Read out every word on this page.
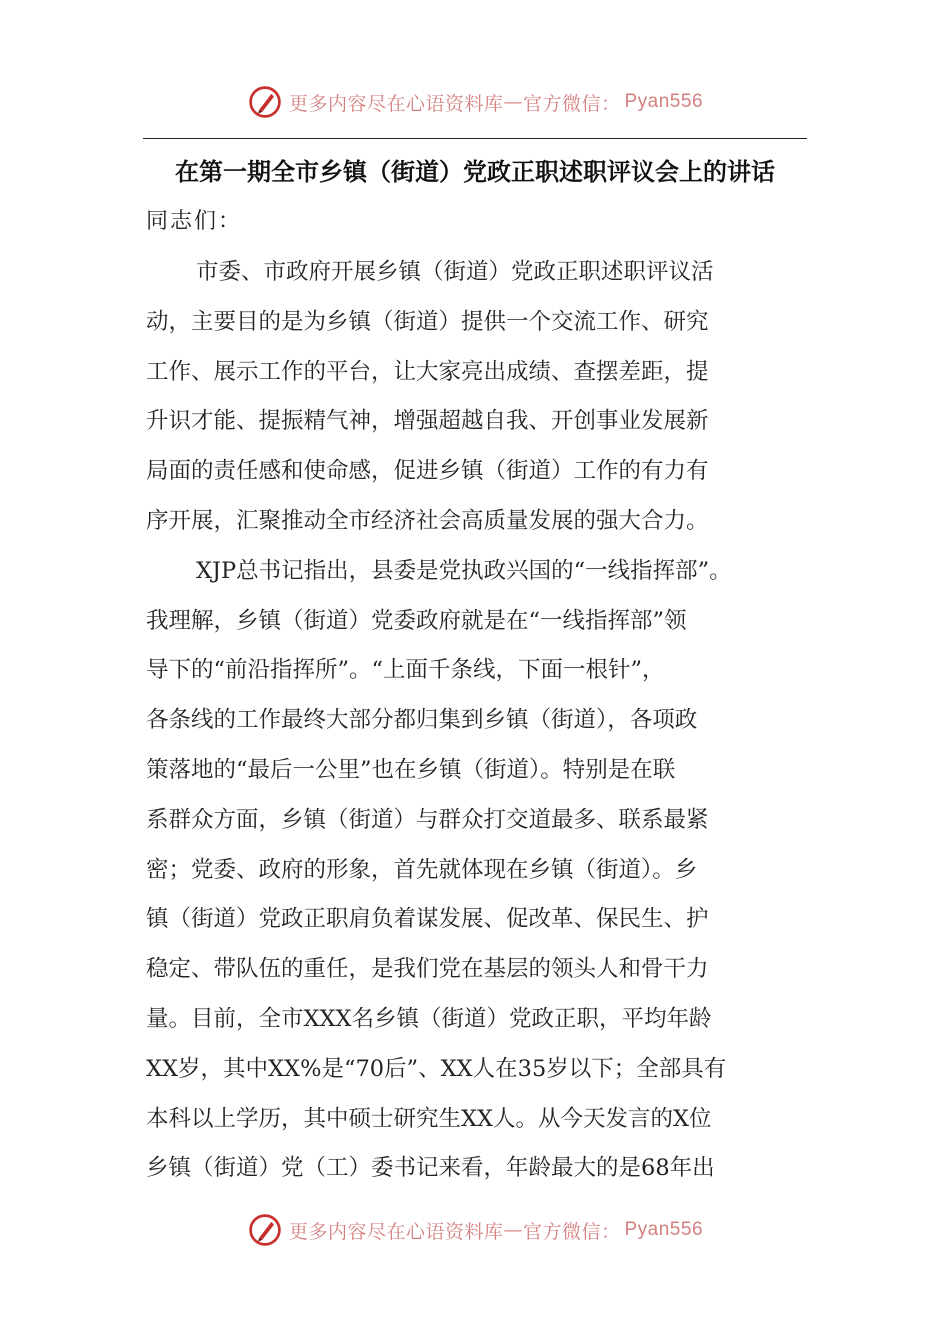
更多内容尽在心语资料库 — 官方微信： Pyan556
在第一期全市乡镇（街道）党政正职述职评议会上的讲话
同志们：
市委、市政府开展乡镇（街道）党政正职述职评议活
动，主要目的是为乡镇（街道）提供一个交流工作、研究
工作、展示工作的平台，让大家亮出成绩、查摆差距，提
升识才能、提振精气神，增强超越自我、开创事业发展新
局面的责任感和使命感，促进乡镇（街道）工作的有力有
序开展，汇聚推动全市经济社会高质量发展的强大合力。
XJP总书记指出，县委是党执政兴国的“一线指挥部”。
我理解，乡镇（街道）党委政府就是在“一线指挥部”领
导下的“前沿指挥所”。“上面千条线，下面一根针”，
各条线的工作最终大部分都归集到乡镇（街道），各项政
策落地的“最后一公里”也在乡镇（街道）。特别是在联
系群众方面，乡镇（街道）与群众打交道最多、联系最紧
密；党委、政府的形象，首先就体现在乡镇（街道）。乡
镇（街道）党政正职肩负着谋发展、促改革、保民生、护
稳定、带队伍的重任，是我们党在基层的领头人和骨干力
量。目前，全市XXX名乡镇（街道）党政正职，平均年龄
XX岁，其中XX%是“70后”、XX人在35岁以下；全部具有
本科以上学历，其中硕士研究生XX人。从今天发言的X位
乡镇（街道）党（工）委书记来看，年龄最大的是68年出
更多内容尽在心语资料库 — 官方微信： Pyan556
